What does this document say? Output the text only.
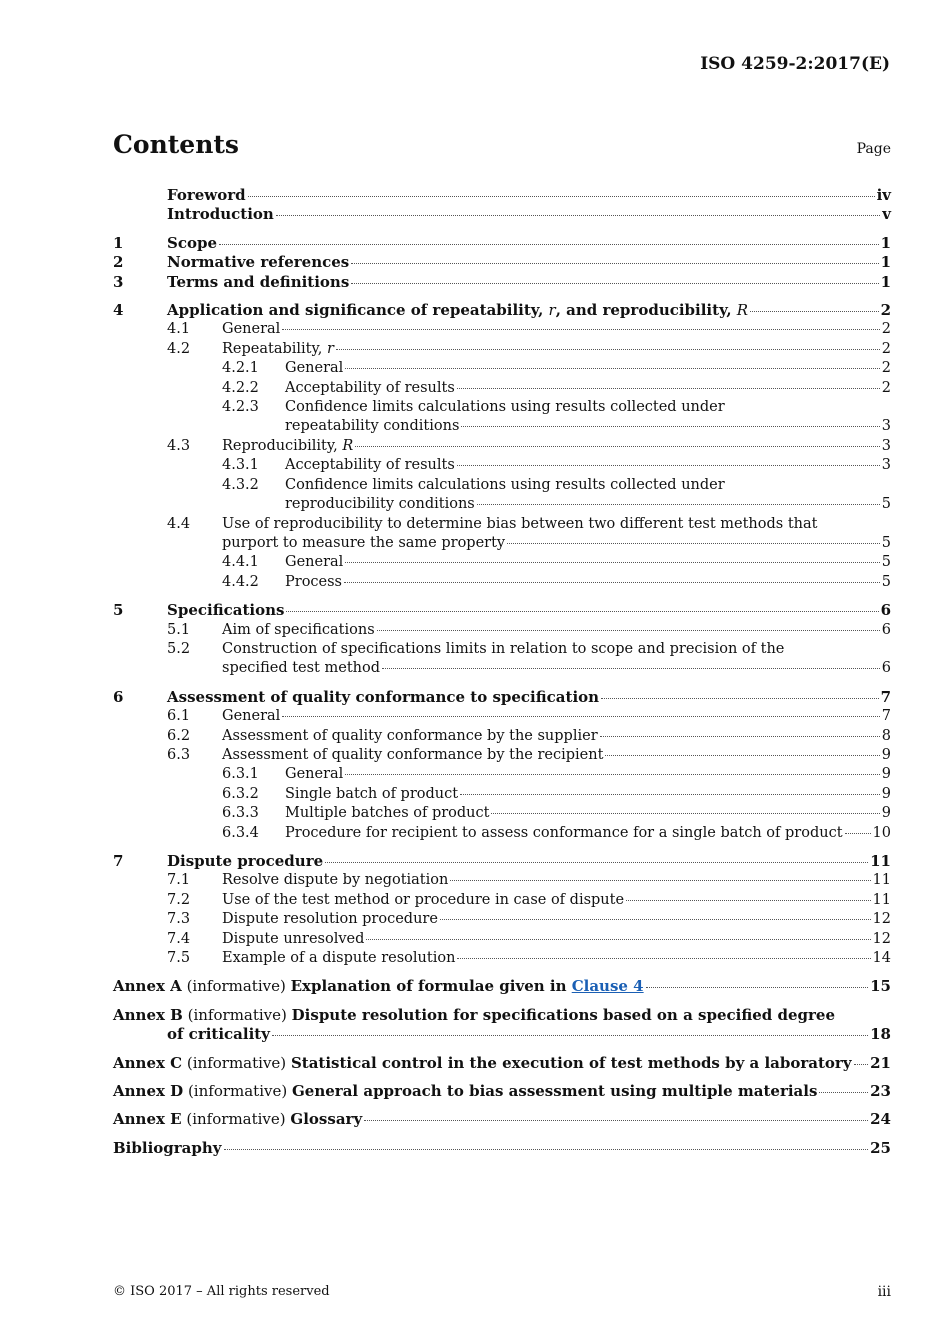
ISO 4259-2:2017(E)
Contents	Page
Foreword	iv
Introduction	v
1	Scope	1
2	Normative references	1
3	Terms and definitions	1
4	Application and significance of repeatability, r, and reproducibility, R	2
4.1	General	2
4.2	Repeatability, r	2
4.2.1	General	2
4.2.2	Acceptability of results	2
4.2.3	Confidence limits calculations using results collected under
repeatability conditions	3
4.3	Reproducibility, R	3
4.3.1	Acceptability of results	3
4.3.2	Confidence limits calculations using results collected under
reproducibility conditions	5
4.4	Use of reproducibility to determine bias between two different test methods that
purport to measure the same property	5
4.4.1	General	5
4.4.2	Process	5
5	Specifications	6
5.1	Aim of specifications	6
5.2	Construction of specifications limits in relation to scope and precision of the
specified test method	6
6	Assessment of quality conformance to specification	7
6.1	General	7
6.2	Assessment of quality conformance by the supplier	8
6.3	Assessment of quality conformance by the recipient	9
6.3.1	General	9
6.3.2	Single batch of product	9
6.3.3	Multiple batches of product	9
6.3.4	Procedure for recipient to assess conformance for a single batch of product 10
7	Dispute procedure	11
7.1	Resolve dispute by negotiation	11
7.2	Use of the test method or procedure in case of dispute	11
7.3	Dispute resolution procedure	12
7.4	Dispute unresolved	12
7.5	Example of a dispute resolution	14
Annex A (informative) Explanation of formulae given in Clause 4	15
Annex B (informative) Dispute resolution for specifications based on a specified degree
of criticality	18
Annex C (informative) Statistical control in the execution of test methods by a laboratory 21
Annex D (informative) General approach to bias assessment using multiple materials	23
Annex E (informative) Glossary	24
Bibliography	25
© ISO 2017 – All rights reserved	iii
